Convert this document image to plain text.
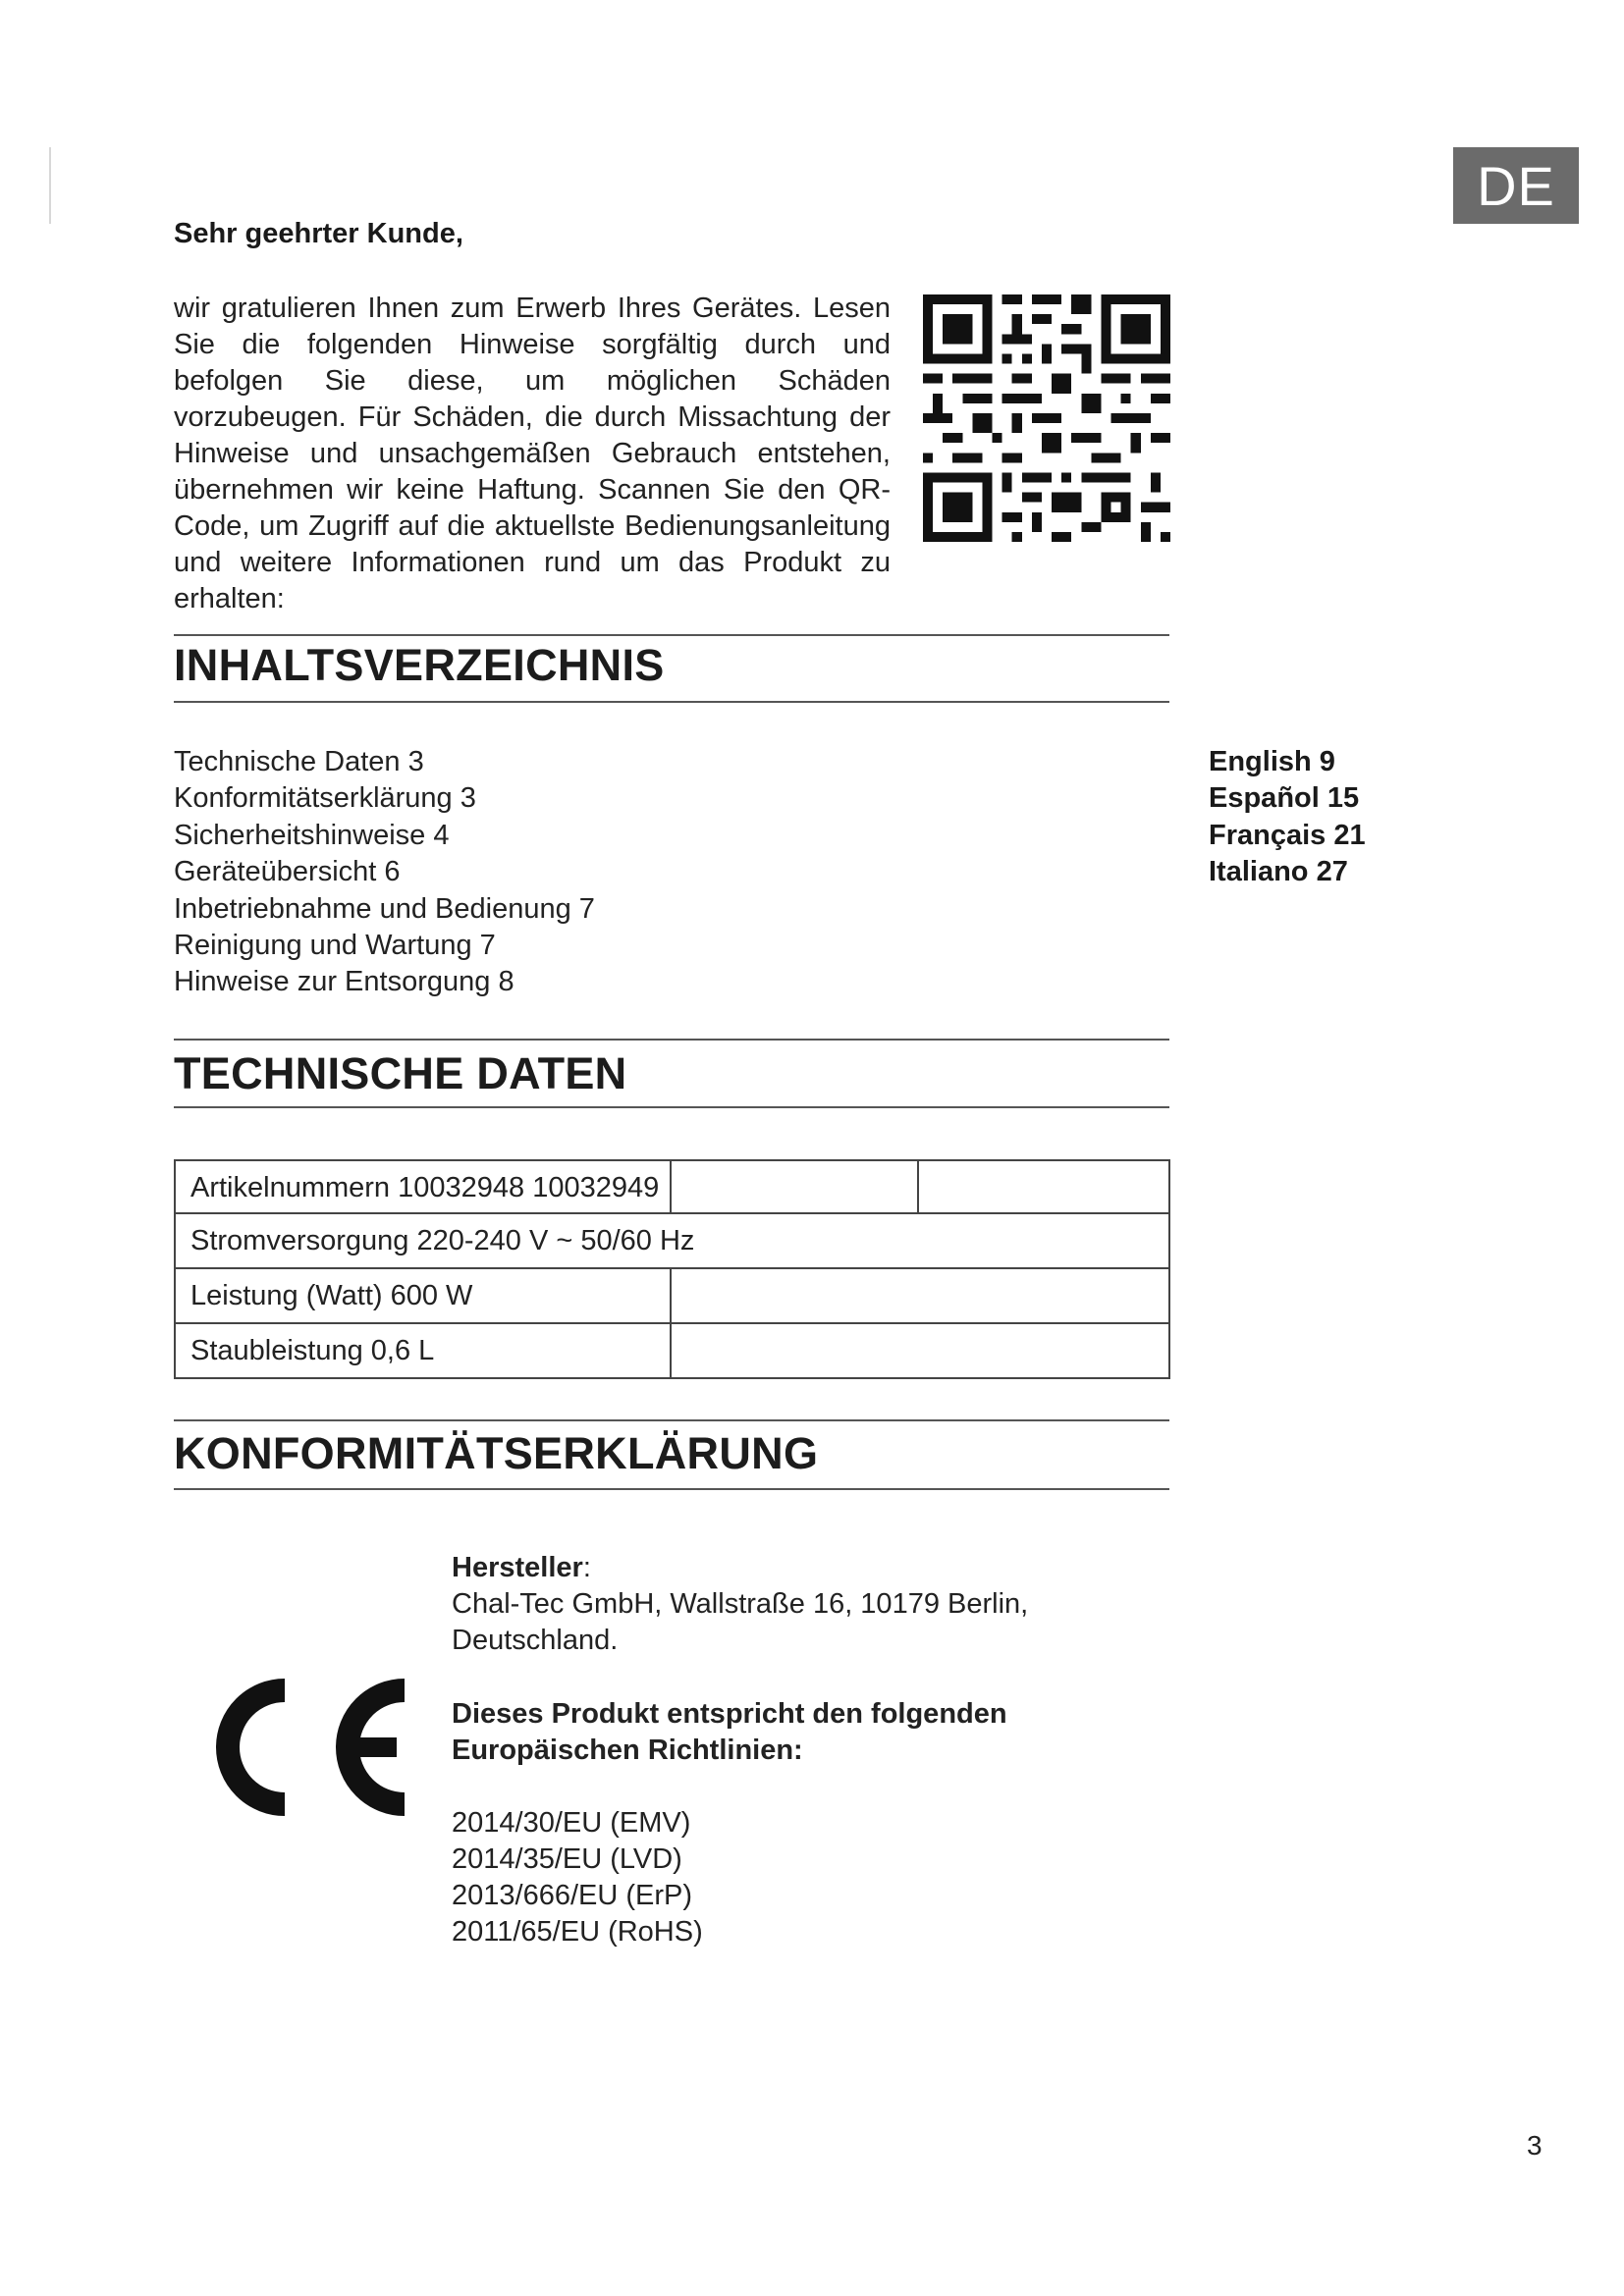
DE
Sehr geehrter Kunde,
wir gratulieren Ihnen zum Erwerb Ihres Gerätes. Lesen Sie die folgenden Hinweise sorgfältig durch und befolgen Sie diese, um möglichen Schäden vorzubeugen. Für Schäden, die durch Missachtung der Hinweise und unsachgemäßen Gebrauch entstehen, übernehmen wir keine Haftung. Scannen Sie den QR-Code, um Zugriff auf die aktuellste Bedienungsanleitung und weitere Informationen rund um das Produkt zu erhalten:
INHALTSVERZEICHNIS
Technische Daten 3
Konformitätserklärung 3
Sicherheitshinweise 4
Geräteübersicht 6
Inbetriebnahme und Bedienung 7
Reinigung und Wartung 7
Hinweise zur Entsorgung 8
English 9
Español 15
Français 21
Italiano 27
TECHNISCHE DATEN
Artikelnummern 10032948 10032949
Stromversorgung 220-240 V ~ 50/60 Hz
Leistung (Watt) 600 W
Staubleistung 0,6 L
KONFORMITÄTSERKLÄRUNG
Hersteller:
Chal-Tec GmbH, Wallstraße 16, 10179 Berlin,
Deutschland.
Dieses Produkt entspricht den folgenden
Europäischen Richtlinien:
2014/30/EU (EMV)
2014/35/EU (LVD)
2013/666/EU (ErP)
2011/65/EU (RoHS)
3
